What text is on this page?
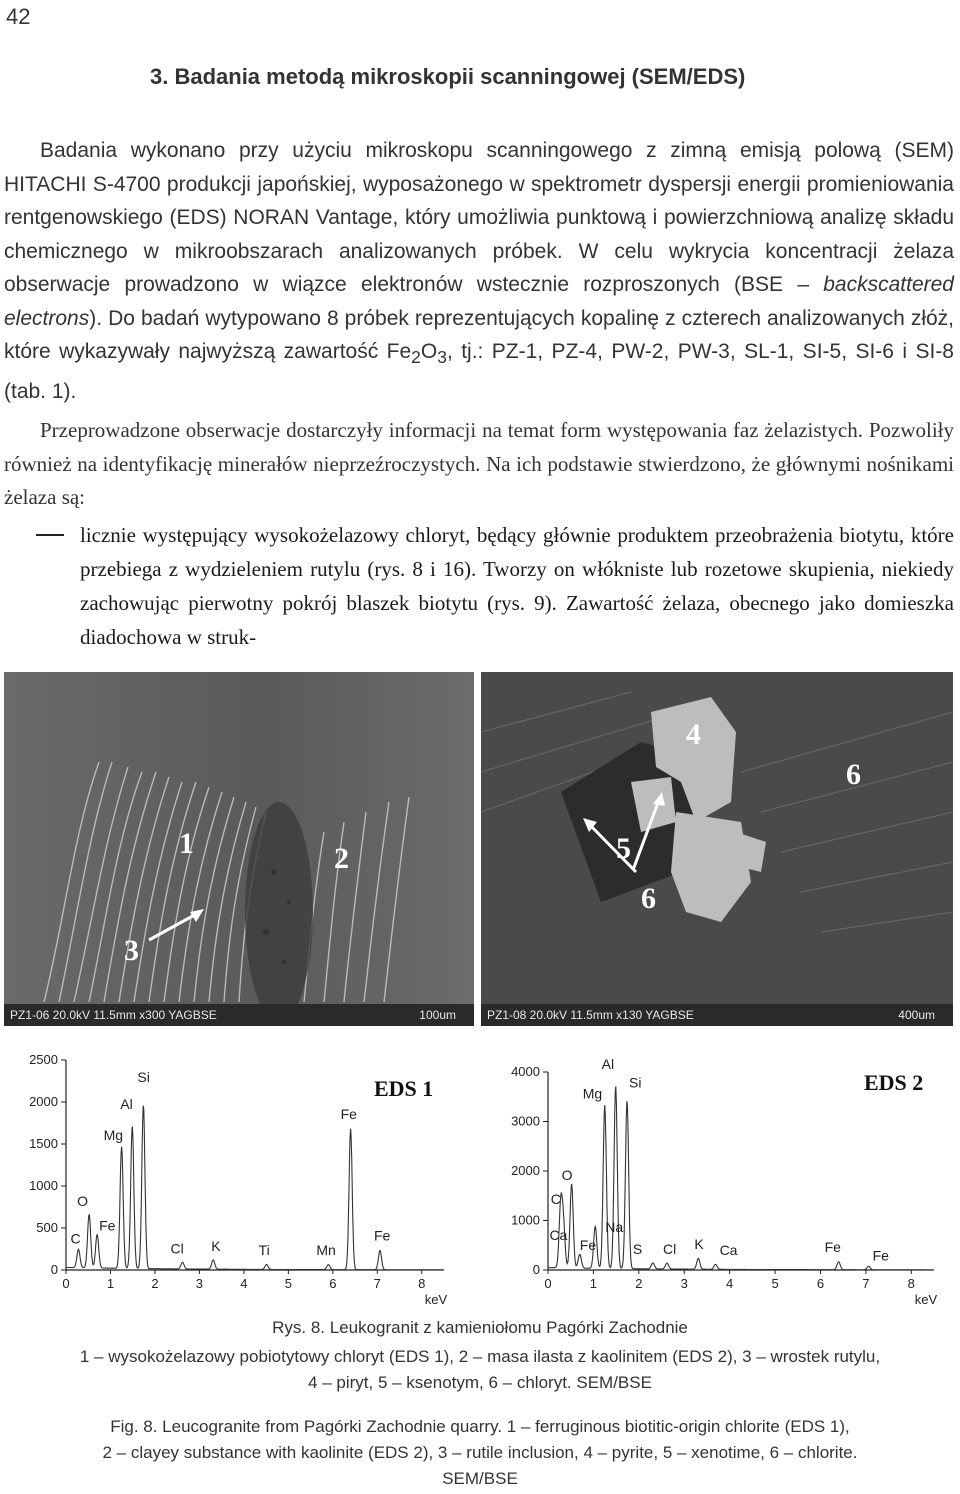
42
3. Badania metodą mikroskopii scanningowej (SEM/EDS)
Badania wykonano przy użyciu mikroskopu scanningowego z zimną emisją polową (SEM) HITACHI S-4700 produkcji japońskiej, wyposażonego w spektrometr dyspersji energii promieniowania rentgenowskiego (EDS) NORAN Vantage, który umożliwia punktową i powierzchniową analizę składu chemicznego w mikroobszarach analizowanych próbek. W celu wykrycia koncentracji żelaza obserwacje prowadzono w wiązce elektronów wstecznie rozproszonych (BSE – backscattered electrons). Do badań wytypowano 8 próbek reprezentujących kopalinę z czterech analizowanych złóż, które wykazywały najwyższą zawartość $Fe_2O_3$, tj.: PZ-1, PZ-4, PW-2, PW-3, SL-1, SI-5, SI-6 i SI-8 (tab. 1).
Przeprowadzone obserwacje dostarczyły informacji na temat form występowania faz żelazistych. Pozwoliły również na identyfikację minerałów nieprzeźroczystych. Na ich podstawie stwierdzono, że głównymi nośnikami żelaza są:
licznie występujący wysokożelazowy chloryt, będący głównie produktem przeobrażenia biotytu, które przebiega z wydzieleniem rutylu (rys. 8 i 16). Tworzy on włókniste lub rozetowe skupienia, niekiedy zachowując pierwotny pokrój blaszek biotytu (rys. 9). Zawartość żelaza, obecnego jako domieszka diadochowa w struk-
1	2
3
PZ1-06 20.0kV 11.5mm x300 YAGBSE	100um
4
6
5
6
PZ1-08 20.0kV 11.5mm x130 YAGBSE	400um
0
500
1000
1500
2000
2500
0	1	2	3	4	5	6	7	8
keV
C
O
Fe
Mg
Al
Si
Cl K	Ti	Mn
Fe
Fe
EDS 1
0
1000
2000
3000
4000
0	1	2	3	4	5	6	7	8
keV
C
O
Fe
Ca	Na
Mg
Al
Si
S Cl K Ca	Fe
Fe
EDS 2
Rys. 8. Leukogranit z kamieniołomu Pagórki Zachodnie
1 – wysokożelazowy pobiotytowy chloryt (EDS 1), 2 – masa ilasta z kaolinitem (EDS 2), 3 – wrostek rutylu,
4 – piryt, 5 – ksenotym, 6 – chloryt. SEM/BSE
Fig. 8. Leucogranite from Pagórki Zachodnie quarry. 1 – ferruginous biotitic-origin chlorite (EDS 1),
2 – clayey substance with kaolinite (EDS 2), 3 – rutile inclusion, 4 – pyrite, 5 – xenotime, 6 – chlorite.
SEM/BSE
